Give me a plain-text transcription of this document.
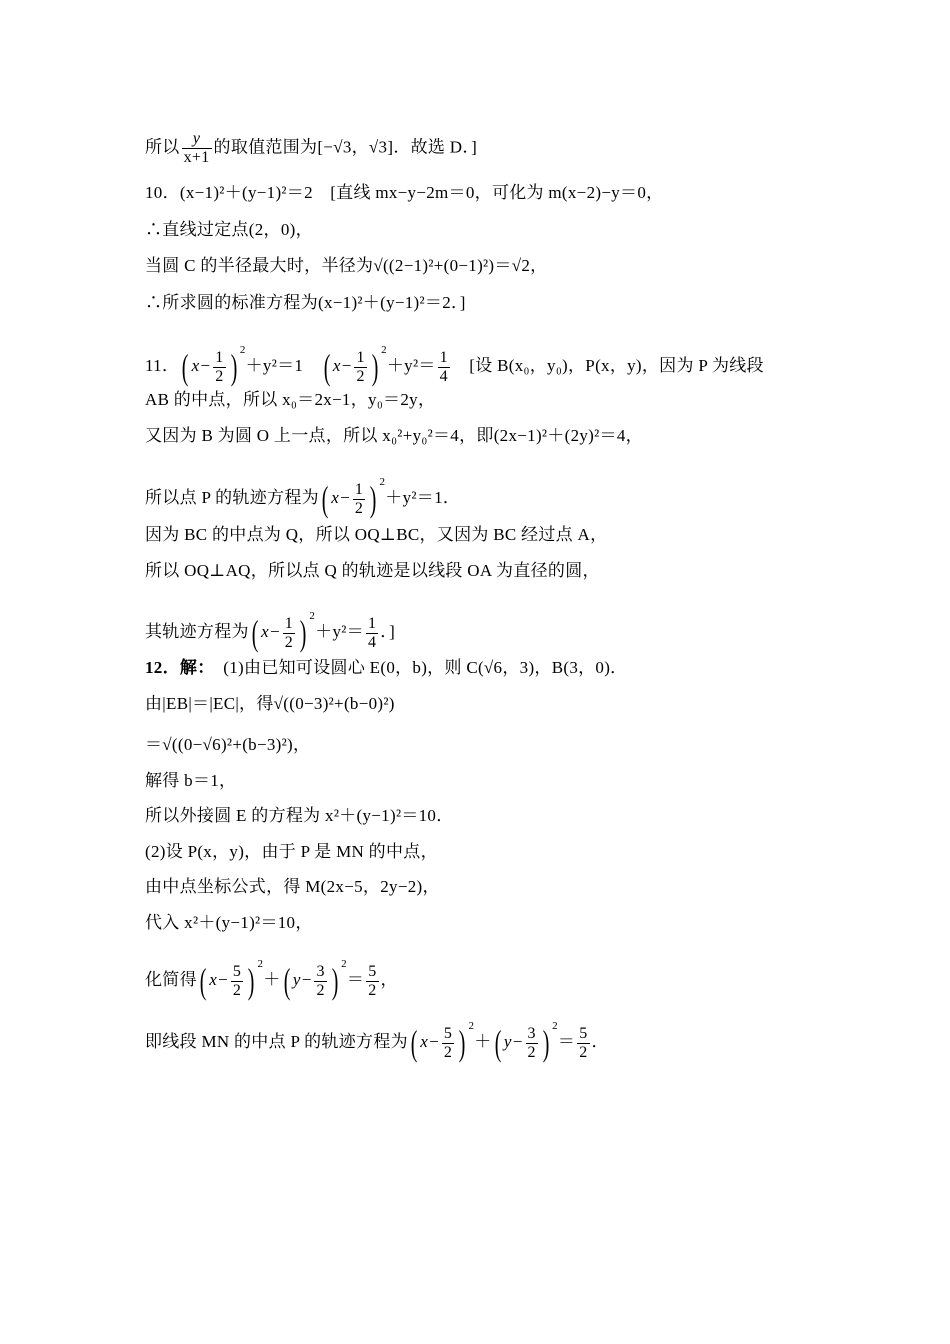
所以 $\frac{y}{x+1}$ 的取值范围为[−√3，√3]．故选 D．]
10．(x−1)²＋(y−1)²＝2　[直线 mx−y−2m＝0，可化为 m(x−2)−y＝0，
∴直线过定点(2，0)，
当圆 C 的半径最大时，半径为√((2−1)²+(0−1)²)＝√2，
∴所求圆的标准方程为(x−1)²＋(y−1)²＝2．]
11．( $x- \frac{1}{2}$ ) $^2$＋y²＝1　( $x- \frac{1}{2}$ ) $^2+y^2= \frac{1}{4}$ 　[设 B(x₀，y₀)，P(x，y)，因为 P 为线段
AB 的中点，所以 x₀＝2x−1，y₀＝2y，
又因为 B 为圆 O 上一点，所以 x₀²+y₀²＝4，即(2x−1)²＋(2y)²＝4，
所以点 P 的轨迹方程为( $x- \frac{1}{2}$ ) $^2$＋y²＝1．
因为 BC 的中点为 Q，所以 OQ⊥BC，又因为 BC 经过点 A，
所以 OQ⊥AQ，所以点 Q 的轨迹是以线段 OA 为直径的圆，
其轨迹方程为( $x- \frac{1}{2}$ ) $^2+y^2= \frac{1}{4}$ ．]
12．解：　(1)由已知可设圆心 E(0，b)，则 C(√6，3)，B(3，0)．
由|EB|＝|EC|，得√((0−3)²+(b−0)²)
＝√((0−√6)²+(b−3)²)，
解得 b＝1，
所以外接圆 E 的方程为 x²＋(y−1)²＝10．
(2)设 P(x，y)，由于 P 是 MN 的中点，
由中点坐标公式，得 M(2x−5，2y−2)，
代入 x²＋(y−1)²＝10，
化简得( $x- \frac{5}{2}$ ) $^2$＋( $y- \frac{3}{2}$ ) $^2= \frac{5}{2}$ ，
即线段 MN 的中点 P 的轨迹方程为( $x- \frac{5}{2}$ ) $^2$＋( $y- \frac{3}{2}$ ) $^2= \frac{5}{2}$ ．
